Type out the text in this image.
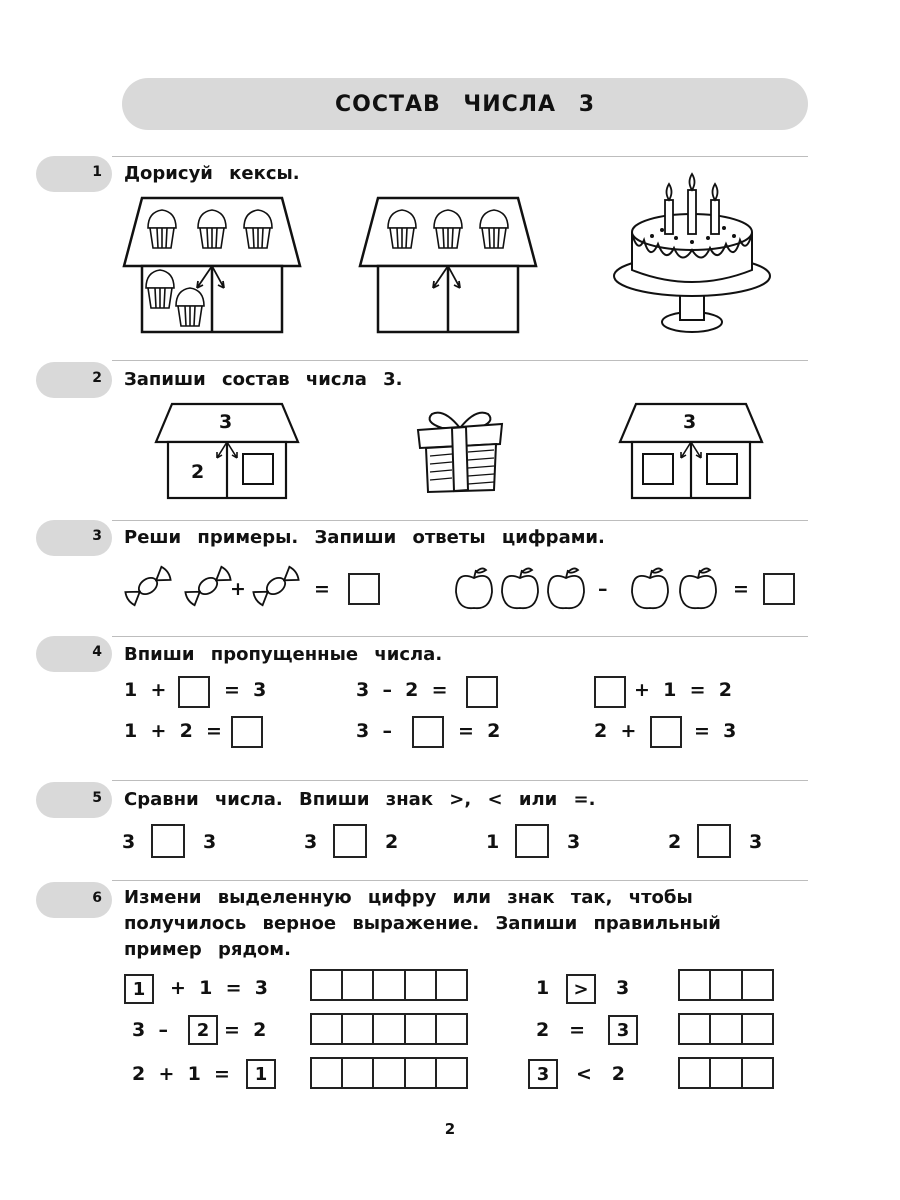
СОСТАВ ЧИСЛА 3
1 Дорисуй кексы.
2 Запиши состав числа 3.
3
2
3
3 Реши примеры. Запиши ответы цифрами.
+	=	–	=
4 Впиши пропущенные числа.
1  +	=  3	3  –  2  =	+  1  =  2
1  +  2  =	3  –	=  2	2  +	=  3
5 Сравни числа. Впиши знак >, < или =.
3	3	3	2	1	3	2	3
6 Измени выделенную цифру или знак так, чтобы
получилось верное выражение. Запиши правильный
пример рядом.
1	+  1  =  3
3  –	2 =  2
2  +  1  =	1
1	>	3
2   =	3
3	<   2
2
